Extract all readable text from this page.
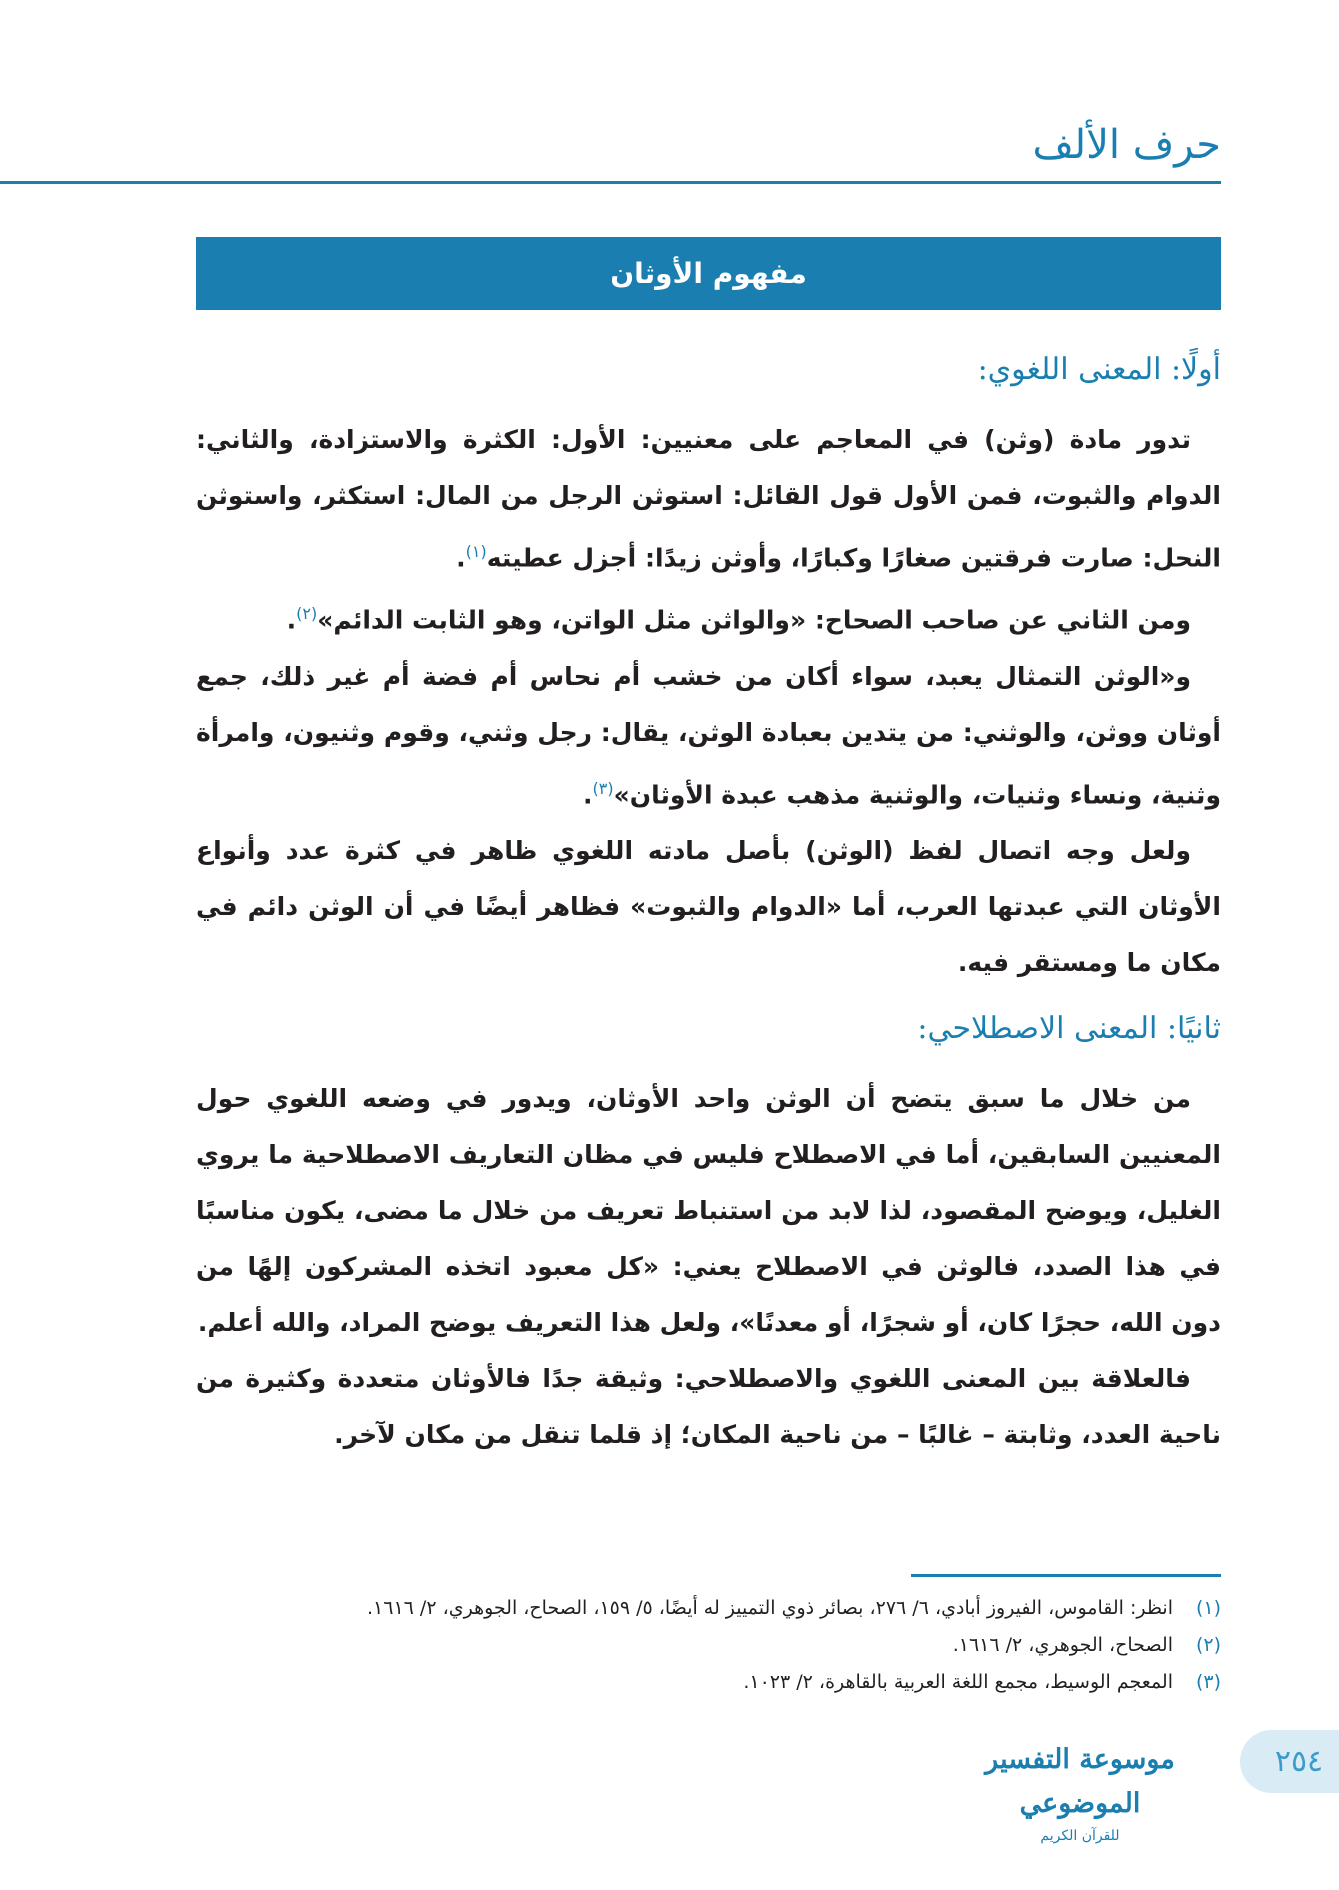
حرف الألف
مفهوم الأوثان
أولًا: المعنى اللغوي:

تدور مادة (وثن) في المعاجم على معنيين: الأول: الكثرة والاستزادة، والثاني: الدوام والثبوت، فمن الأول قول القائل: استوثن الرجل من المال: استكثر، واستوثن النحل: صارت فرقتين صغارًا وكبارًا، وأوثن زيدًا: أجزل عطيته$^{(١)}$.

ومن الثاني عن صاحب الصحاح: «والواثن مثل الواتن، وهو الثابت الدائم»$^{(٢)}$.

و«الوثن التمثال يعبد، سواء أكان من خشب أم نحاس أم فضة أم غير ذلك، جمع أوثان ووثن، والوثني: من يتدين بعبادة الوثن، يقال: رجل وثني، وقوم وثنيون، وامرأة وثنية، ونساء وثنيات، والوثنية مذهب عبدة الأوثان»$^{(٣)}$.

ولعل وجه اتصال لفظ (الوثن) بأصل مادته اللغوي ظاهر في كثرة عدد وأنواع الأوثان التي عبدتها العرب، أما «الدوام والثبوت» فظاهر أيضًا في أن الوثن دائم في مكان ما ومستقر فيه.

ثانيًا: المعنى الاصطلاحي:

من خلال ما سبق يتضح أن الوثن واحد الأوثان، ويدور في وضعه اللغوي حول المعنيين السابقين، أما في الاصطلاح فليس في مظان التعاريف الاصطلاحية ما يروي الغليل، ويوضح المقصود، لذا لابد من استنباط تعريف من خلال ما مضى، يكون مناسبًا في هذا الصدد، فالوثن في الاصطلاح يعني: «كل معبود اتخذه المشركون إلهًا من دون الله، حجرًا كان، أو شجرًا، أو معدنًا»، ولعل هذا التعريف يوضح المراد، والله أعلم.

فالعلاقة بين المعنى اللغوي والاصطلاحي: وثيقة جدًا فالأوثان متعددة وكثيرة من ناحية العدد، وثابتة – غالبًا – من ناحية المكان؛ إذ قلما تنقل من مكان لآخر.

(١)
انظر: القاموس، الفيروز أبادي، ٦/ ٢٧٦، بصائر ذوي التمييز له أيضًا، ٥/ ١٥٩، الصحاح، الجوهري، ٢/ ١٦١٦.
(٢)
الصحاح، الجوهري، ٢/ ١٦١٦.
(٣)
المعجم الوسيط، مجمع اللغة العربية بالقاهرة، ٢/ ١٠٢٣.
موسوعة التفسير الموضوعي
للقرآن الكريم
٢٥٤
